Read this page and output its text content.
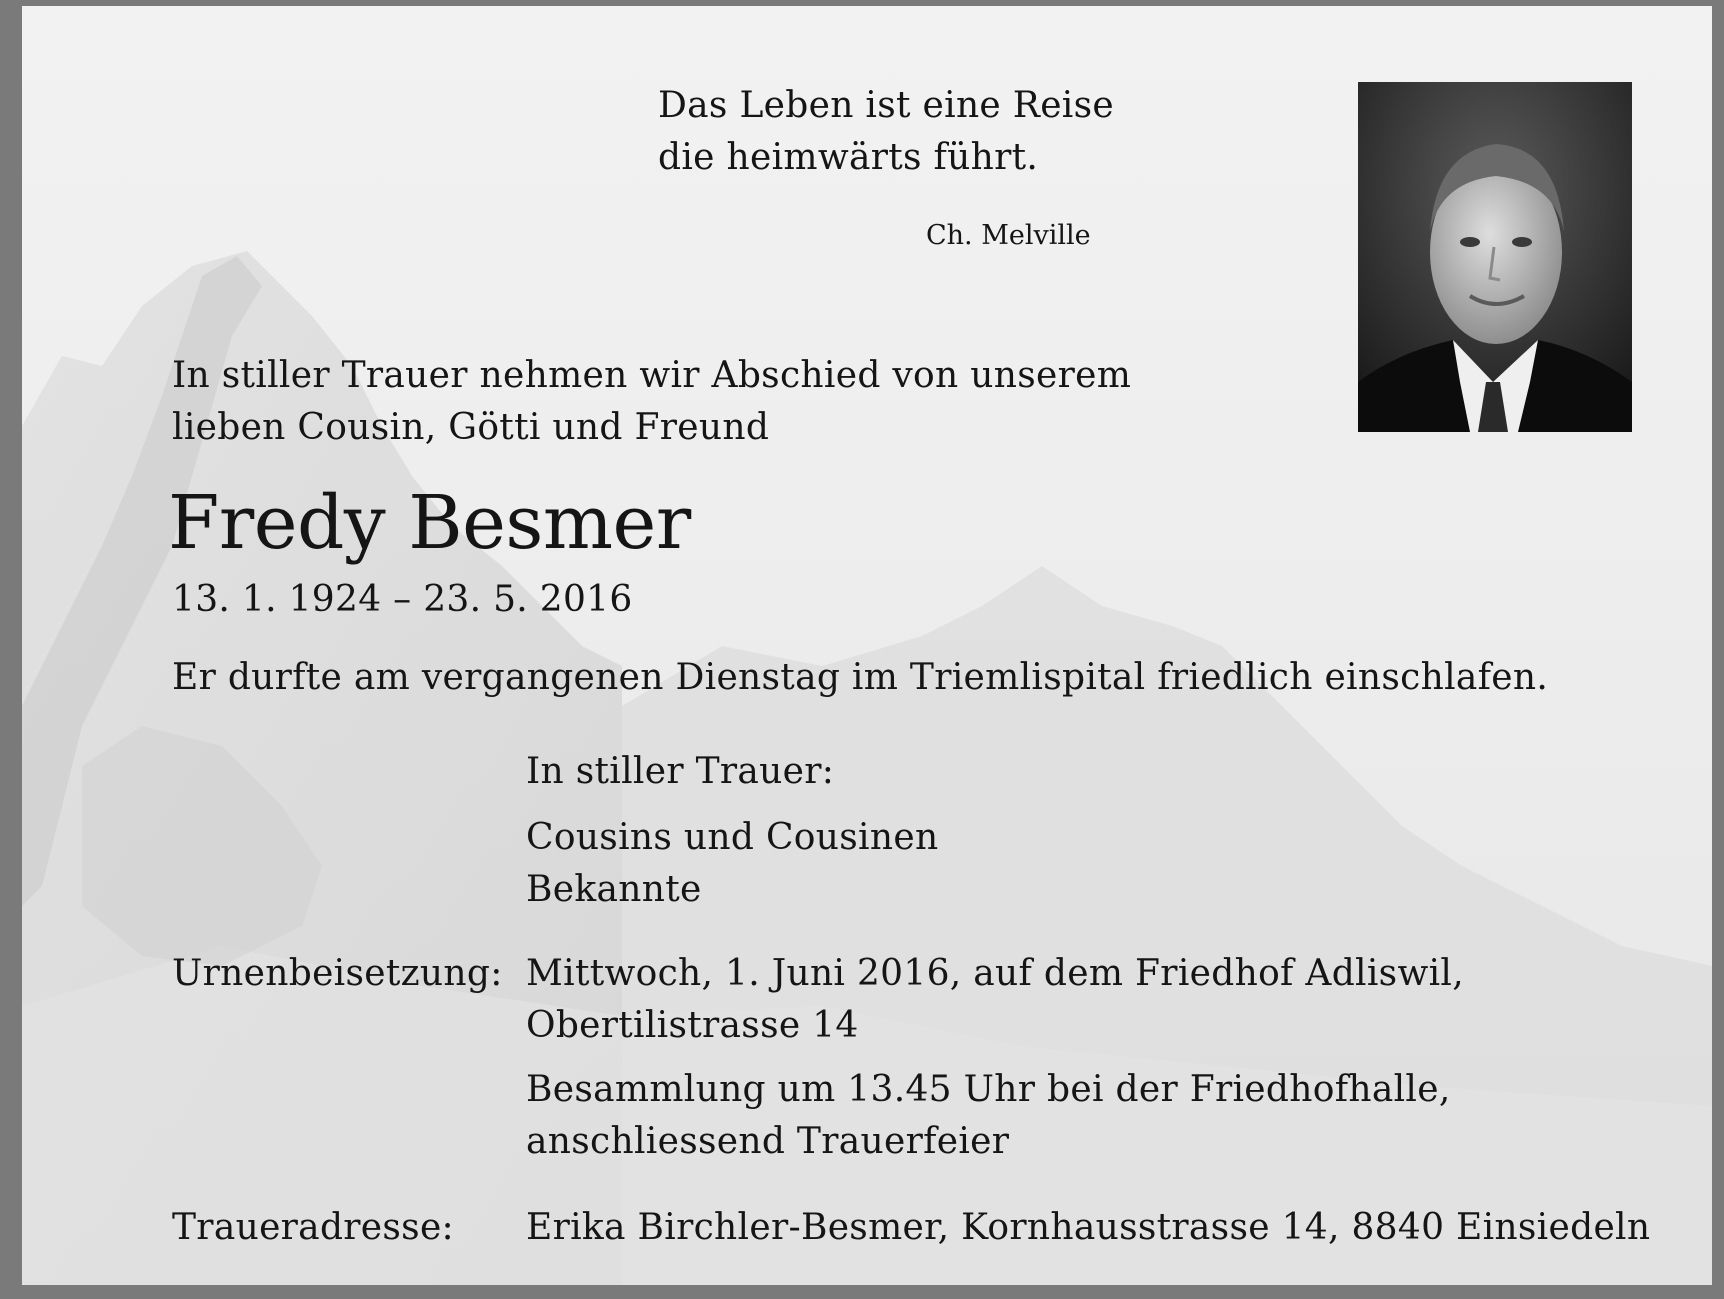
Das Leben ist eine Reise

die heimwärts führt.

Ch. Melville

In stiller Trauer nehmen wir Abschied von unserem

lieben Cousin, Götti und Freund

Fredy Besmer

13. 1. 1924 – 23. 5. 2016

Er durfte am vergangenen Dienstag im Triemlispital friedlich einschlafen.

In stiller Trauer:

Cousins und Cousinen

Bekannte

Urnenbeisetzung: Mittwoch, 1. Juni 2016, auf dem Friedhof Adliswil,

Obertilistrasse 14

Besammlung um 13.45 Uhr bei der Friedhofhalle,

anschliessend Trauerfeier

Traueradresse: Erika Birchler-Besmer, Kornhausstrasse 14, 8840 Einsiedeln
